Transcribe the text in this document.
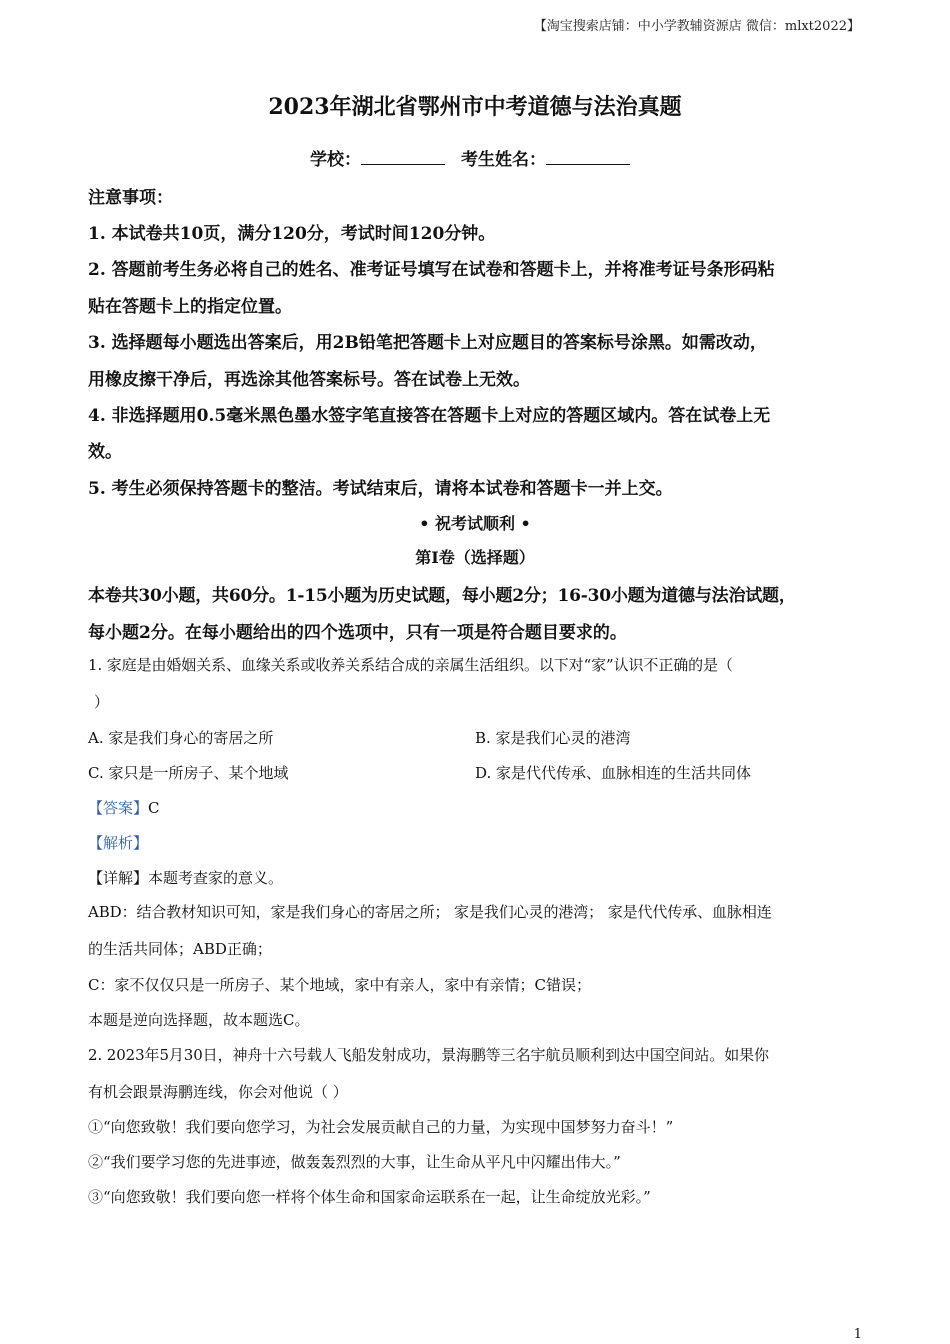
【淘宝搜索店铺：中小学教辅资源店 微信：mlxt2022】
2023年湖北省鄂州市中考道德与法治真题
学校：	考生姓名：
注意事项：
1. 本试卷共10页，满分120分，考试时间120分钟。
2. 答题前考生务必将自己的姓名、准考证号填写在试卷和答题卡上，并将准考证号条形码粘
贴在答题卡上的指定位置。
3. 选择题每小题选出答案后，用2B铅笔把答题卡上对应题目的答案标号涂黑。如需改动，
用橡皮擦干净后，再选涂其他答案标号。答在试卷上无效。
4. 非选择题用0.5毫米黑色墨水签字笔直接答在答题卡上对应的答题区域内。答在试卷上无
效。
5. 考生必须保持答题卡的整洁。考试结束后，请将本试卷和答题卡一并上交。
• 祝考试顺利 •
第Ⅰ卷（选择题）
本卷共30小题，共60分。1-15小题为历史试题，每小题2分；16-30小题为道德与法治试题，
每小题2分。在每小题给出的四个选项中，只有一项是符合题目要求的。
1. 家庭是由婚姻关系、血缘关系或收养关系结合成的亲属生活组织。以下对“家”认识不正确的是（
）
A. 家是我们身心的寄居之所	B. 家是我们心灵的港湾
C. 家只是一所房子、某个地域	D. 家是代代传承、血脉相连的生活共同体
【答案】C
【解析】
【详解】本题考查家的意义。
ABD：结合教材知识可知，家是我们身心的寄居之所； 家是我们心灵的港湾； 家是代代传承、血脉相连
的生活共同体；ABD正确；
C：家不仅仅只是一所房子、某个地域，家中有亲人，家中有亲情；C错误；
本题是逆向选择题，故本题选C。
2. 2023年5月30日，神舟十六号载人飞船发射成功，景海鹏等三名宇航员顺利到达中国空间站。如果你
有机会跟景海鹏连线，你会对他说（ ）
①“向您致敬！我们要向您学习，为社会发展贡献自己的力量，为实现中国梦努力奋斗！”
②“我们要学习您的先进事迹，做轰轰烈烈的大事，让生命从平凡中闪耀出伟大。”
③“向您致敬！我们要向您一样将个体生命和国家命运联系在一起，让生命绽放光彩。”
1
